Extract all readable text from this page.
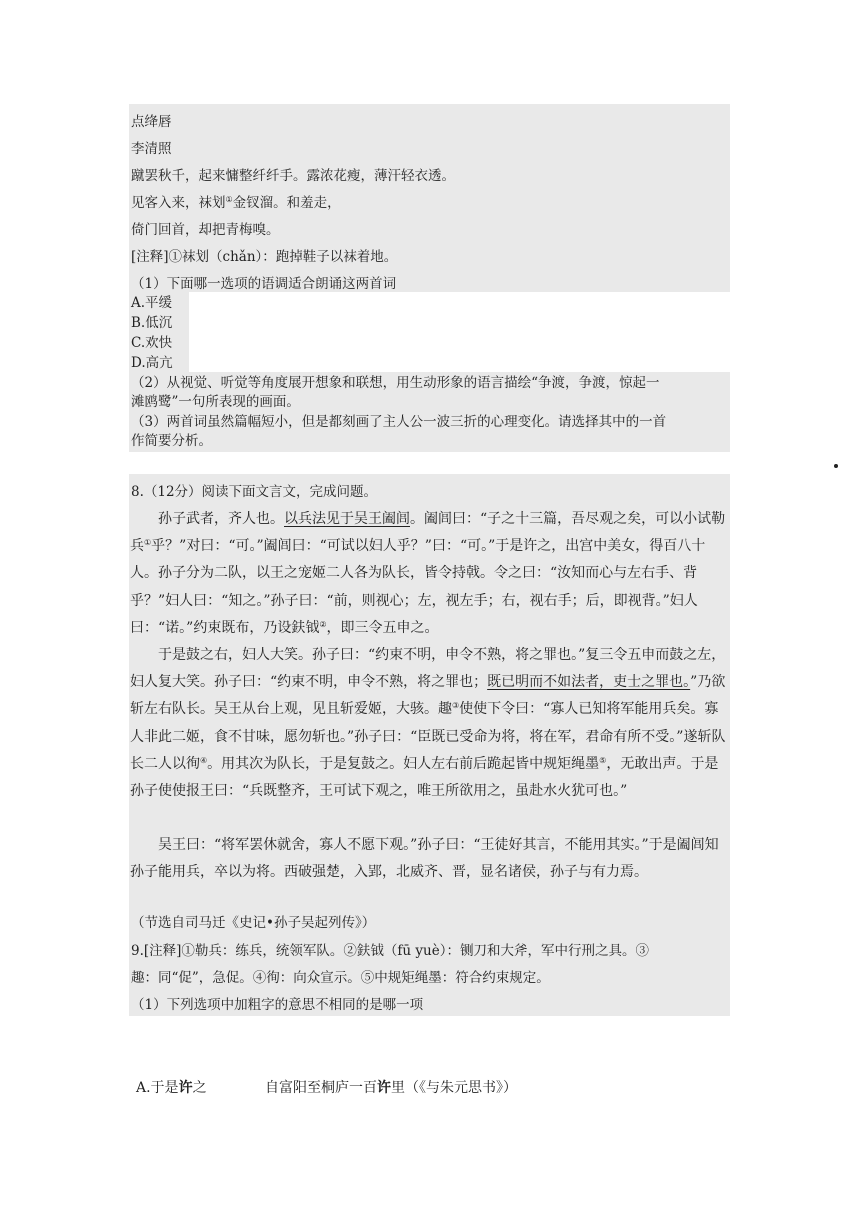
点绛唇
李清照
蹴罢秋千，起来慵整纤纤手。露浓花瘦，薄汗轻衣透。
见客入来，袜划①金钗溜。和羞走，
倚门回首，却把青梅嗅。
[注释]①袜划（chǎn）：跑掉鞋子以袜着地。
（1）下面哪一选项的语调适合朗诵这两首词
A.平缓
B.低沉
C.欢快
D.高亢
（2）从视觉、听觉等角度展开想象和联想，用生动形象的语言描绘“争渡，争渡，惊起一
滩鸥鹭”一句所表现的画面。
（3）两首词虽然篇幅短小，但是都刻画了主人公一波三折的心理变化。请选择其中的一首
作简要分析。
8.（12分）阅读下面文言文，完成问题。
孙子武者，齐人也。以兵法见于吴王阖闾。阖闾曰：“子之十三篇，吾尽观之矣，可以小试勒兵①乎？”对曰：“可。”阖闾曰：“可试以妇人乎？”曰：“可。”于是许之，出宫中美女，得百八十人。孙子分为二队，以王之宠姬二人各为队长，皆令持戟。令之曰：“汝知而心与左右手、背乎？”妇人曰：“知之。”孙子曰：“前，则视心；左，视左手；右，视右手；后，即视背。”妇人曰：“诺。”约束既布，乃设鈇钺②，即三令五申之。
于是鼓之右，妇人大笑。孙子曰：“约束不明，申令不熟，将之罪也。”复三令五申而鼓之左，妇人复大笑。孙子曰：“约束不明，申令不熟，将之罪也；既已明而不如法者，吏士之罪也。”乃欲斩左右队长。吴王从台上观，见且斩爱姬，大骇。趣③使使下令曰：“寡人已知将军能用兵矣。寡人非此二姬，食不甘味，愿勿斩也。”孙子曰：“臣既已受命为将，将在军，君命有所不受。”遂斩队长二人以徇④。用其次为队长，于是复鼓之。妇人左右前后跪起皆中规矩绳墨⑤，无敢出声。于是孙子使使报王曰：“兵既整齐，王可试下观之，唯王所欲用之，虽赴水火犹可也。”
吴王曰：“将军罢休就舍，寡人不愿下观。”孙子曰：“王徒好其言，不能用其实。”于是阖闾知孙子能用兵，卒以为将。西破强楚，入郢，北威齐、晋，显名诸侯，孙子与有力焉。
（节选自司马迁《史记•孙子吴起列传》）
9.[注释]①勒兵：练兵，统领军队。②鈇钺（fū yuè）：铡刀和大斧，军中行刑之具。③
趣：同“促”，急促。④徇：向众宣示。⑤中规矩绳墨：符合约束规定。
（1）下列选项中加粗字的意思不相同的是哪一项
A.于是许之	自富阳至桐庐一百许里（《与朱元思书》）
